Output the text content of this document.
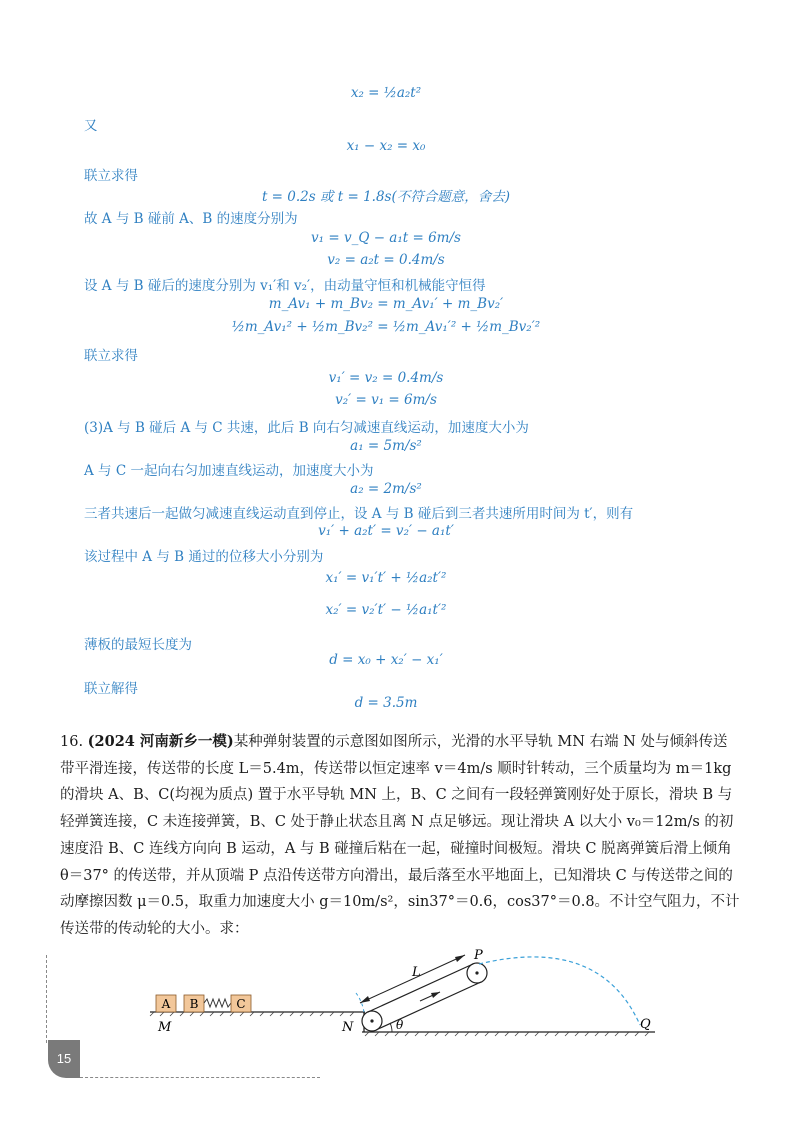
x₂ = ½a₂t²
又
x₁ − x₂ = x₀
联立求得
t = 0.2s 或 t = 1.8s(不符合题意，舍去)
故 A 与 B 碰前 A、B 的速度分别为
v₁ = v_Q − a₁t = 6m/s
v₂ = a₂t = 0.4m/s
设 A 与 B 碰后的速度分别为 v₁′和 v₂′，由动量守恒和机械能守恒得
m_Av₁ + m_Bv₂ = m_Av₁′ + m_Bv₂′
½m_Av₁² + ½m_Bv₂² = ½m_Av₁′² + ½m_Bv₂′²
联立求得
v₁′ = v₂ = 0.4m/s
v₂′ = v₁ = 6m/s
(3)A 与 B 碰后 A 与 C 共速，此后 B 向右匀减速直线运动，加速度大小为
a₁ = 5m/s²
A 与 C 一起向右匀加速直线运动，加速度大小为
a₂ = 2m/s²
三者共速后一起做匀减速直线运动直到停止，设 A 与 B 碰后到三者共速所用时间为 t′，则有
v₁′ + a₂t′ = v₂′ − a₁t′
该过程中 A 与 B 通过的位移大小分别为
x₁′ = v₁′t′ + ½a₂t′²
x₂′ = v₂′t′ − ½a₁t′²
薄板的最短长度为
d = x₀ + x₂′ − x₁′
联立解得
d = 3.5m

16. (2024 河南新乡一模)某种弹射装置的示意图如图所示，光滑的水平导轨 MN 右端 N 处与倾斜传送带平滑连接，传送带的长度 L＝5.4m，传送带以恒定速率 v＝4m/s 顺时针转动，三个质量均为 m＝1kg 的滑块 A、B、C(均视为质点) 置于水平导轨 MN 上，B、C 之间有一段轻弹簧刚好处于原长，滑块 B 与轻弹簧连接，C 未连接弹簧，B、C 处于静止状态且离 N 点足够远。现让滑块 A 以大小 v₀＝12m/s 的初速度沿 B、C 连线方向向 B 运动，A 与 B 碰撞后粘在一起，碰撞时间极短。滑块 C 脱离弹簧后滑上倾角 θ＝37° 的传送带，并从顶端 P 点沿传送带方向滑出，最后落至水平地面上，已知滑块 C 与传送带之间的动摩擦因数 μ＝0.5，取重力加速度大小 g＝10m/s²，sin37°＝0.6，cos37°＝0.8。不计空气阻力，不计传送带的传动轮的大小。求：

A B	C
M	N
L
θ
P
Q
15
